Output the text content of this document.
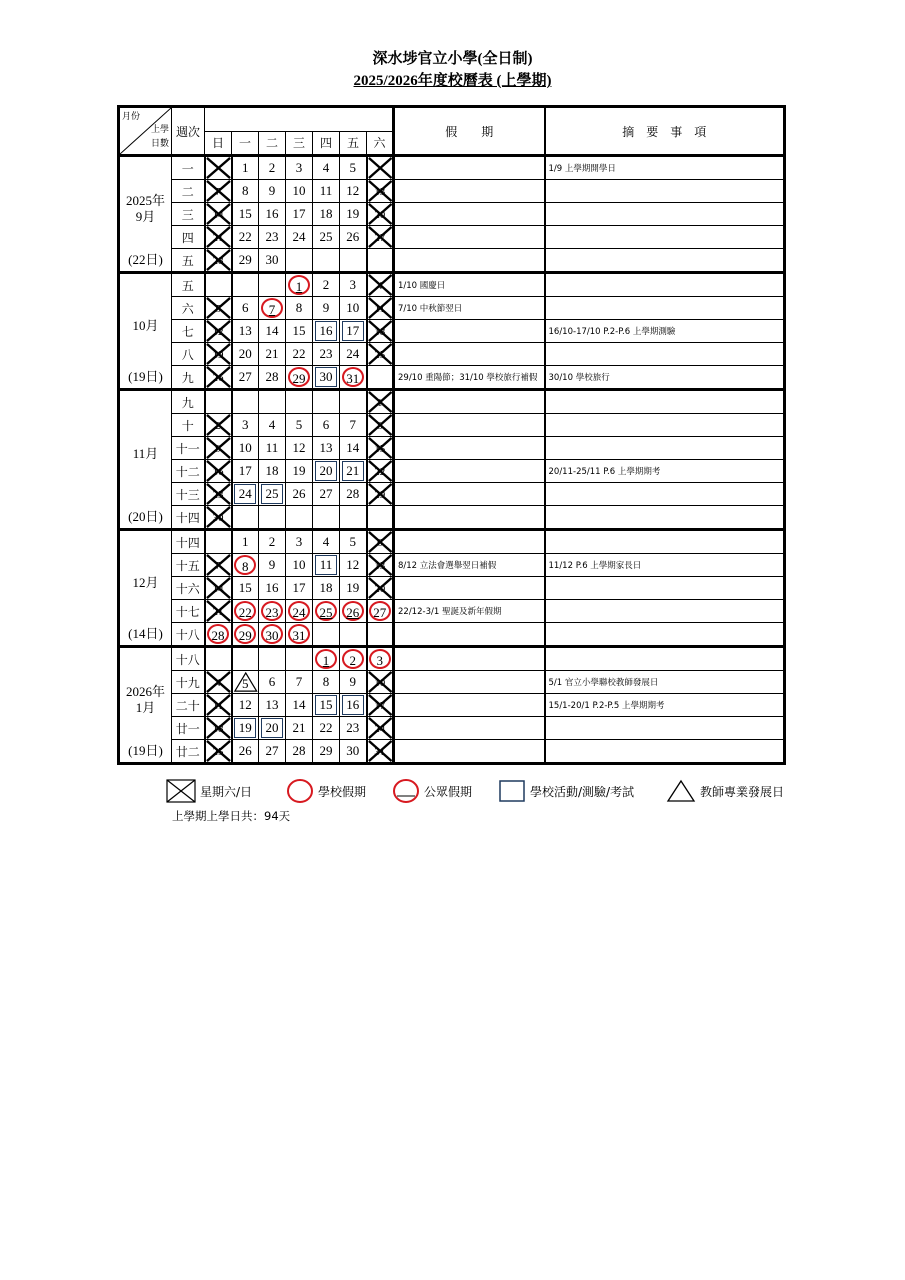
深水埗官立小學(全日制)
2025/2026年度校曆表 (上學期)
月份
上學
日數	週次								假　　期	摘　要　事　項
		日	一	二	三	四	五	六		

2025年
9月
(22日)	一		1	2	3	4	5			1/9 上學期開學日
	二	7	8	9	10	11	12	13		
	三	14	15	16	17	18	19	20		
	四	21	22	23	24	25	26	27		
	五	28	29	30						

10月
(19日)	五				1	2	3	4	1/10 國慶日	
	六	5	6	7	8	9	10	11	7/10 中秋節翌日	
	七	12	13	14	15	16	17	18		16/10-17/10 P.2-P.6 上學期測驗
	八	19	20	21	22	23	24	25		
	九	26	27	28	29	30	31		29/10 重陽節；31/10 學校旅行補假	30/10 學校旅行

11月
(20日)	九							1		
	十	2	3	4	5	6	7	8		
	十一	9	10	11	12	13	14	15		
	十二	16	17	18	19	20	21	22		20/11-25/11 P.6 上學期期考
	十三	23	24	25	26	27	28	29		
	十四	30								

12月
(14日)	十四		1	2	3	4	5	6		
	十五	7	8	9	10	11	12	13	8/12 立法會選舉翌日補假	11/12 P.6 上學期家長日
	十六	14	15	16	17	18	19	20		
	十七	21	22	23	24	25	26	27	22/12-3/1 聖誕及新年假期	
	十八	28	29	30	31					

2026年
1月
(19日)	十八					1	2	3		
	十九	4	5	6	7	8	9	10		5/1 官立小學聯校教師發展日
	二十	11	12	13	14	15	16	17		15/1-20/1 P.2-P.5 上學期期考
	廿一	18	19	20	21	22	23	24		
	廿二	25	26	27	28	29	30	31		
星期六/日	學校假期	公眾假期	學校活動/測驗/考試	教師專業發展日
上學期上學日共：94天
